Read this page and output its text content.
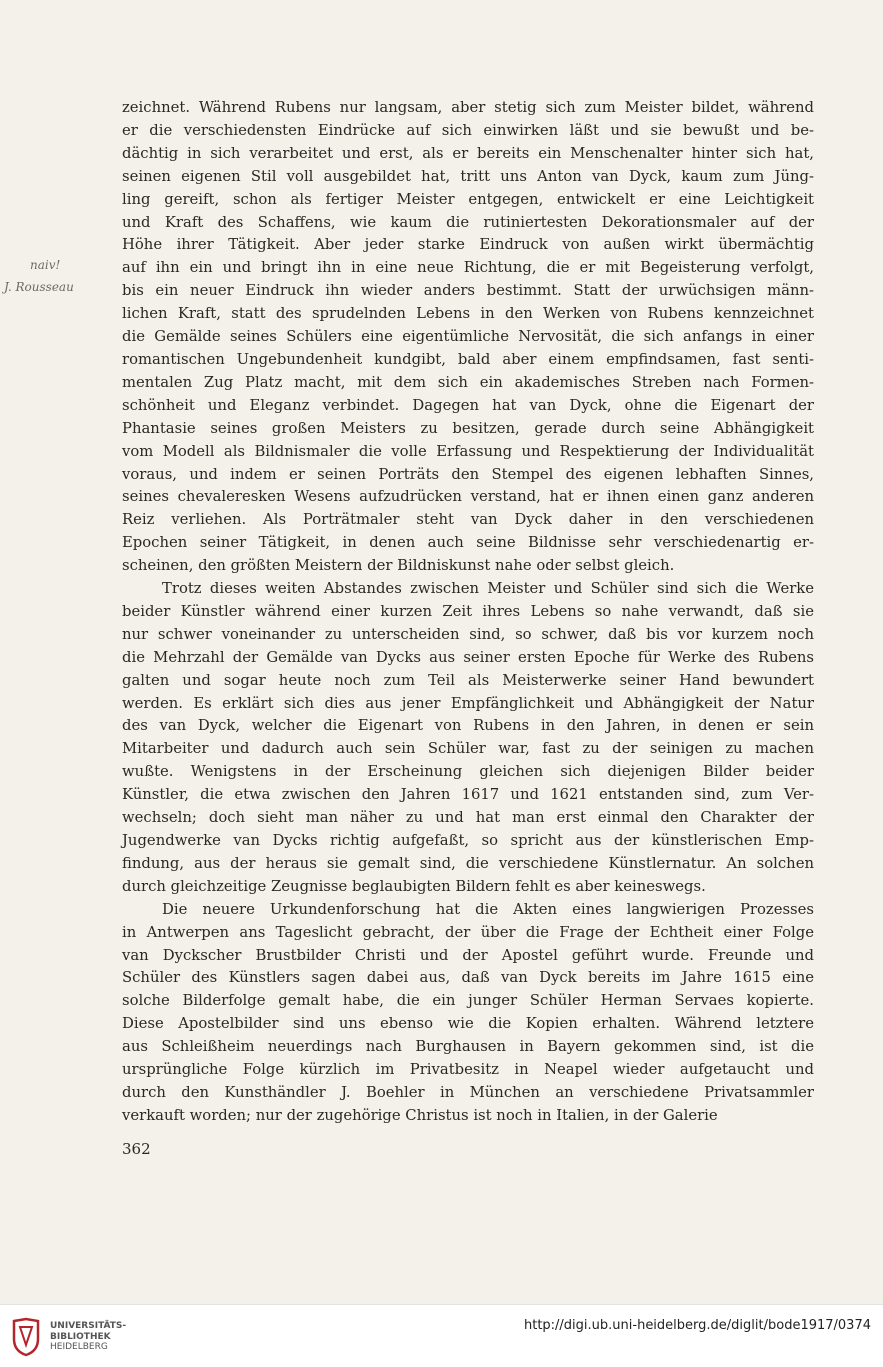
naiv!
J. Rousseau
zeichnet. Während Rubens nur langsam, aber stetig sich zum Meister bildet, während
er die verschiedensten Eindrücke auf sich einwirken läßt und sie bewußt und be-
dächtig in sich verarbeitet und erst, als er bereits ein Menschenalter hinter sich hat,
seinen eigenen Stil voll ausgebildet hat, tritt uns Anton van Dyck, kaum zum Jüng-
ling gereift, schon als fertiger Meister entgegen, entwickelt er eine Leichtigkeit
und Kraft des Schaffens, wie kaum die rutiniertesten Dekorationsmaler auf der
Höhe ihrer Tätigkeit. Aber jeder starke Eindruck von außen wirkt übermächtig
auf ihn ein und bringt ihn in eine neue Richtung, die er mit Begeisterung verfolgt,
bis ein neuer Eindruck ihn wieder anders bestimmt. Statt der urwüchsigen männ-
lichen Kraft, statt des sprudelnden Lebens in den Werken von Rubens kennzeichnet
die Gemälde seines Schülers eine eigentümliche Nervosität, die sich anfangs in einer
romantischen Ungebundenheit kundgibt, bald aber einem empfindsamen, fast senti-
mentalen Zug Platz macht, mit dem sich ein akademisches Streben nach Formen-
schönheit und Eleganz verbindet. Dagegen hat van Dyck, ohne die Eigenart der
Phantasie seines großen Meisters zu besitzen, gerade durch seine Abhängigkeit
vom Modell als Bildnismaler die volle Erfassung und Respektierung der Individualität
voraus, und indem er seinen Porträts den Stempel des eigenen lebhaften Sinnes,
seines chevaleresken Wesens aufzudrücken verstand, hat er ihnen einen ganz anderen
Reiz verliehen. Als Porträtmaler steht van Dyck daher in den verschiedenen
Epochen seiner Tätigkeit, in denen auch seine Bildnisse sehr verschiedenartig er-
scheinen, den größten Meistern der Bildniskunst nahe oder selbst gleich.
Trotz dieses weiten Abstandes zwischen Meister und Schüler sind sich die Werke
beider Künstler während einer kurzen Zeit ihres Lebens so nahe verwandt, daß sie
nur schwer voneinander zu unterscheiden sind, so schwer, daß bis vor kurzem noch
die Mehrzahl der Gemälde van Dycks aus seiner ersten Epoche für Werke des Rubens
galten und sogar heute noch zum Teil als Meisterwerke seiner Hand bewundert
werden. Es erklärt sich dies aus jener Empfänglichkeit und Abhängigkeit der Natur
des van Dyck, welcher die Eigenart von Rubens in den Jahren, in denen er sein
Mitarbeiter und dadurch auch sein Schüler war, fast zu der seinigen zu machen
wußte. Wenigstens in der Erscheinung gleichen sich diejenigen Bilder beider
Künstler, die etwa zwischen den Jahren 1617 und 1621 entstanden sind, zum Ver-
wechseln; doch sieht man näher zu und hat man erst einmal den Charakter der
Jugendwerke van Dycks richtig aufgefaßt, so spricht aus der künstlerischen Emp-
findung, aus der heraus sie gemalt sind, die verschiedene Künstlernatur. An solchen
durch gleichzeitige Zeugnisse beglaubigten Bildern fehlt es aber keineswegs.
Die neuere Urkundenforschung hat die Akten eines langwierigen Prozesses
in Antwerpen ans Tageslicht gebracht, der über die Frage der Echtheit einer Folge
van Dyckscher Brustbilder Christi und der Apostel geführt wurde. Freunde und
Schüler des Künstlers sagen dabei aus, daß van Dyck bereits im Jahre 1615 eine
solche Bilderfolge gemalt habe, die ein junger Schüler Herman Servaes kopierte.
Diese Apostelbilder sind uns ebenso wie die Kopien erhalten. Während letztere
aus Schleißheim neuerdings nach Burghausen in Bayern gekommen sind, ist die
ursprüngliche Folge kürzlich im Privatbesitz in Neapel wieder aufgetaucht und
durch den Kunsthändler J. Boehler in München an verschiedene Privatsammler
verkauft worden; nur der zugehörige Christus ist noch in Italien, in der Galerie
362
UNIVERSITÄTS-
BIBLIOTHEK
HEIDELBERG
http://digi.ub.uni-heidelberg.de/diglit/bode1917/0374
